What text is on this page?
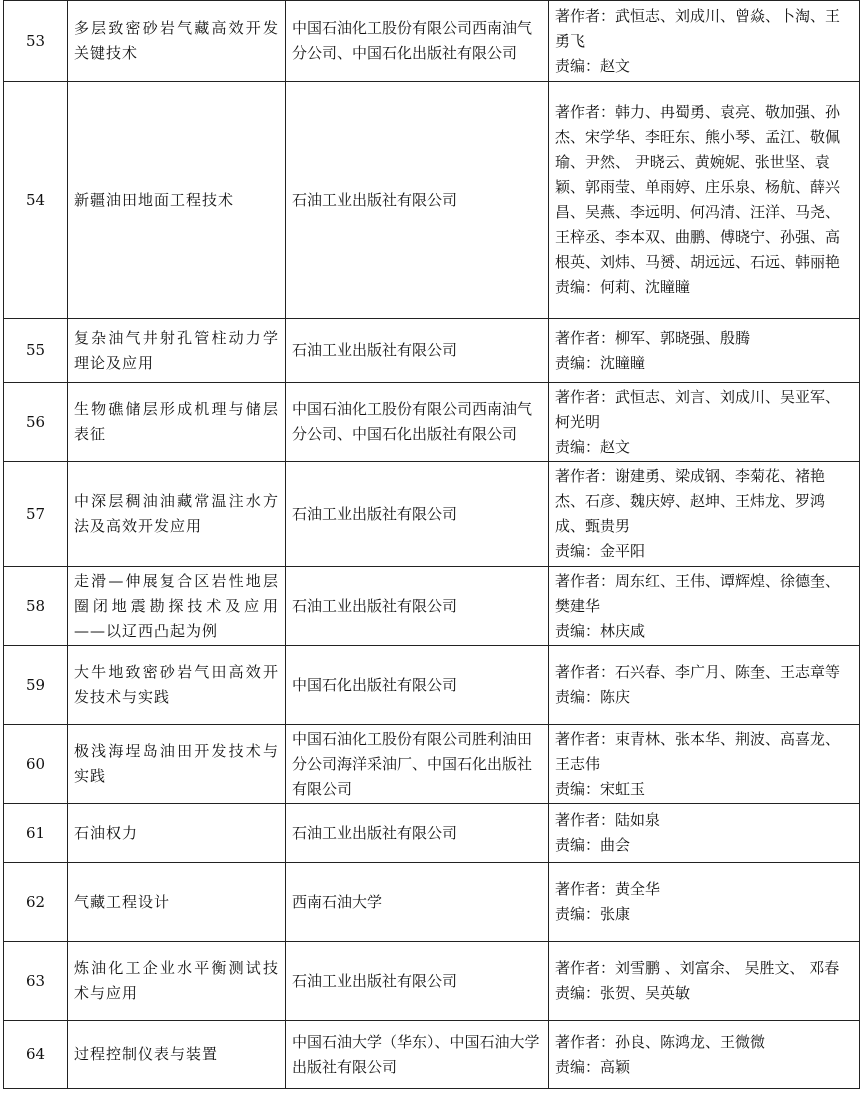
53	多层致密砂岩气藏高效开发关键技术	中国石油化工股份有限公司西南油气分公司、中国石化出版社有限公司	著作者：武恒志、刘成川、曾焱、卜淘、王勇飞
责编：赵文

54	新疆油田地面工程技术	石油工业出版社有限公司	著作者：韩力、冉蜀勇、袁亮、敬加强、孙杰、宋学华、李旺东、熊小琴、孟江、敬佩瑜、尹然、 尹晓云、黄婉妮、张世坚、袁颖、郭雨莹、单雨婷、庄乐泉、杨航、薛兴昌、吴燕、李远明、何冯清、汪洋、马尧、王梓丞、李本双、曲鹏、傅晓宁、孙强、高根英、刘炜、马赟、胡远远、石远、韩丽艳
责编：何莉、沈瞳瞳

55	复杂油气井射孔管柱动力学理论及应用	石油工业出版社有限公司	著作者：柳军、郭晓强、殷腾
责编：沈瞳瞳

56	生物礁储层形成机理与储层表征	中国石油化工股份有限公司西南油气分公司、中国石化出版社有限公司	著作者：武恒志、刘言、刘成川、吴亚军、柯光明
责编：赵文

57	中深层稠油油藏常温注水方法及高效开发应用	石油工业出版社有限公司	著作者：谢建勇、梁成钢、李菊花、褚艳杰、石彦、魏庆婷、赵坤、王炜龙、罗鸿成、甄贵男
责编：金平阳

58	走滑—伸展复合区岩性地层圈闭地震勘探技术及应用——以辽西凸起为例	石油工业出版社有限公司	著作者：周东红、王伟、谭辉煌、徐德奎、樊建华
责编：林庆咸

59	大牛地致密砂岩气田高效开发技术与实践	中国石化出版社有限公司	著作者：石兴春、李广月、陈奎、王志章等
责编：陈庆

60	极浅海埕岛油田开发技术与实践	中国石油化工股份有限公司胜利油田分公司海洋采油厂、中国石化出版社有限公司	著作者：束青林、张本华、荆波、高喜龙、王志伟
责编：宋虹玉

61	石油权力	石油工业出版社有限公司	著作者：陆如泉
责编：曲会

62	气藏工程设计	西南石油大学	著作者：黄全华
责编：张康

63	炼油化工企业水平衡测试技术与应用	石油工业出版社有限公司	著作者：刘雪鹏 、刘富余、 吴胜文、 邓春
责编：张贺、吴英敏

64	过程控制仪表与装置	中国石油大学（华东）、中国石油大学出版社有限公司	著作者：孙良、陈鸿龙、王微微
责编：高颖
